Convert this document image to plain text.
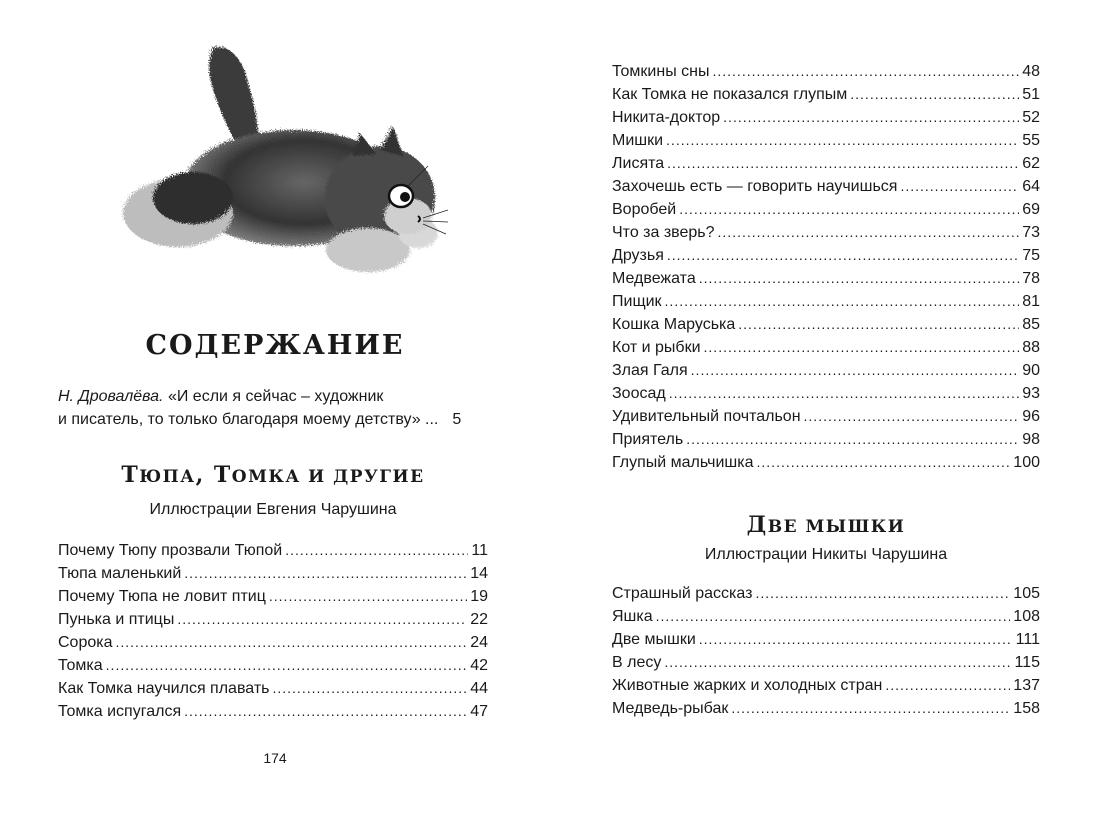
СОДЕРЖАНИЕ
Н. Дровалёва. «И если я сейчас – художник
и писатель, то только благодаря моему детству» ... 5
ТЮПА, ТОМКА И ДРУГИЕ
Иллюстрации Евгения Чарушина
Почему Тюпу прозвали Тюпой .....	11
Тюпа маленький .....	14
Почему Тюпа не ловит птиц .....	19
Пунька и птицы .....	22
Сорока .....	24
Томка .....	42
Как Томка научился плавать .....	44
Томка испугался .....	47
Томкины сны .....	48
Как Томка не показался глупым .....	51
Никита-доктор .....	52
Мишки .....	55
Лисята .....	62
Захочешь есть — говорить научишься .....	64
Воробей .....	69
Что за зверь? .....	73
Друзья .....	75
Медвежата .....	78
Пищик .....	81
Кошка Маруська .....	85
Кот и рыбки .....	88
Злая Галя .....	90
Зоосад .....	93
Удивительный почтальон .....	96
Приятель .....	98
Глупый мальчишка .....	100
ДВЕ МЫШКИ
Иллюстрации Никиты Чарушина
Страшный рассказ .....	105
Яшка .....	108
Две мышки .....	111
В лесу .....	115
Животные жарких и холодных стран .....	137
Медведь-рыбак .....	158
174
